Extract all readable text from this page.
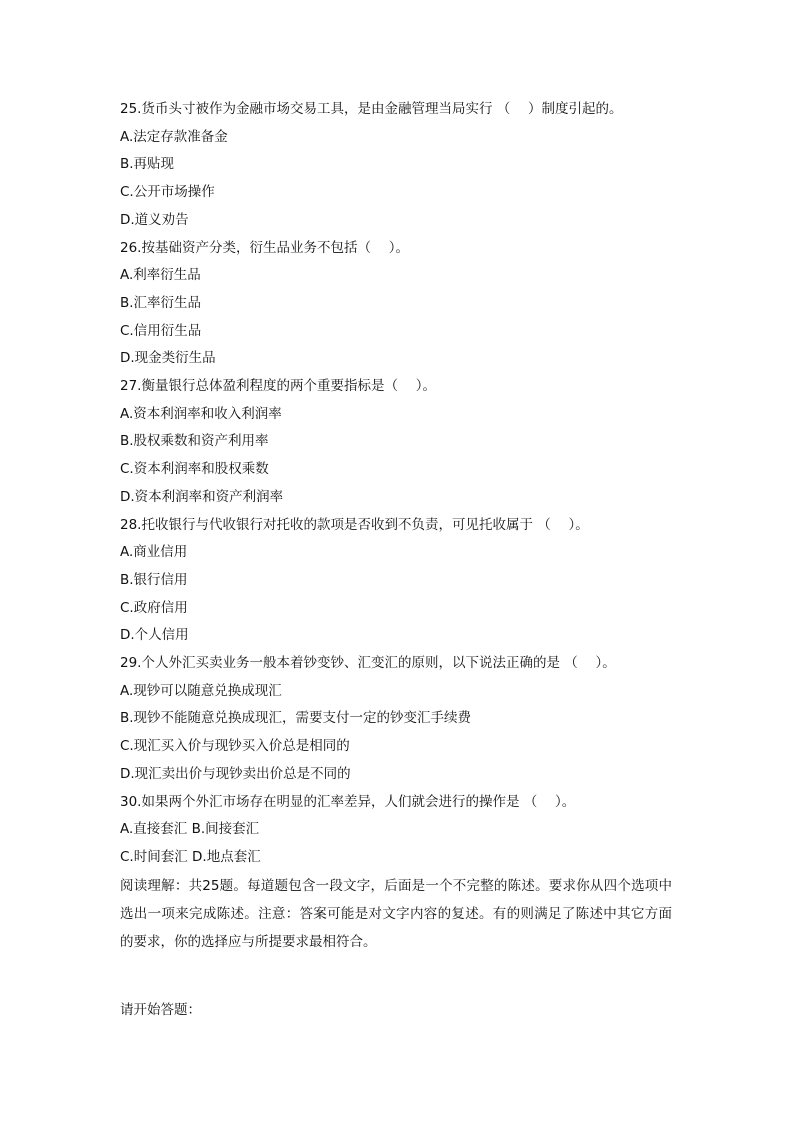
25.货币头寸被作为金融市场交易工具，是由金融管理当局实行 （　 ）制度引起的。
A.法定存款准备金
B.再贴现
C.公开市场操作
D.道义劝告
26.按基础资产分类，衍生品业务不包括（　 ）。
A.利率衍生品
B.汇率衍生品
C.信用衍生品
D.现金类衍生品
27.衡量银行总体盈利程度的两个重要指标是（　 ）。
A.资本利润率和收入利润率
B.股权乘数和资产利用率
C.资本利润率和股权乘数
D.资本利润率和资产利润率
28.托收银行与代收银行对托收的款项是否收到不负责，可见托收属于 （　 ）。
A.商业信用
B.银行信用
C.政府信用
D.个人信用
29.个人外汇买卖业务一般本着钞变钞、汇变汇的原则，以下说法正确的是 （　 ）。
A.现钞可以随意兑换成现汇
B.现钞不能随意兑换成现汇，需要支付一定的钞变汇手续费
C.现汇买入价与现钞买入价总是相同的
D.现汇卖出价与现钞卖出价总是不同的
30.如果两个外汇市场存在明显的汇率差异，人们就会进行的操作是 （　 ）。
A.直接套汇 B.间接套汇
C.时间套汇 D.地点套汇
阅读理解：共25题。每道题包含一段文字，后面是一个不完整的陈述。要求你从四个选项中选出一项来完成陈述。注意：答案可能是对文字内容的复述。有的则满足了陈述中其它方面的要求，你的选择应与所提要求最相符合。
请开始答题：
